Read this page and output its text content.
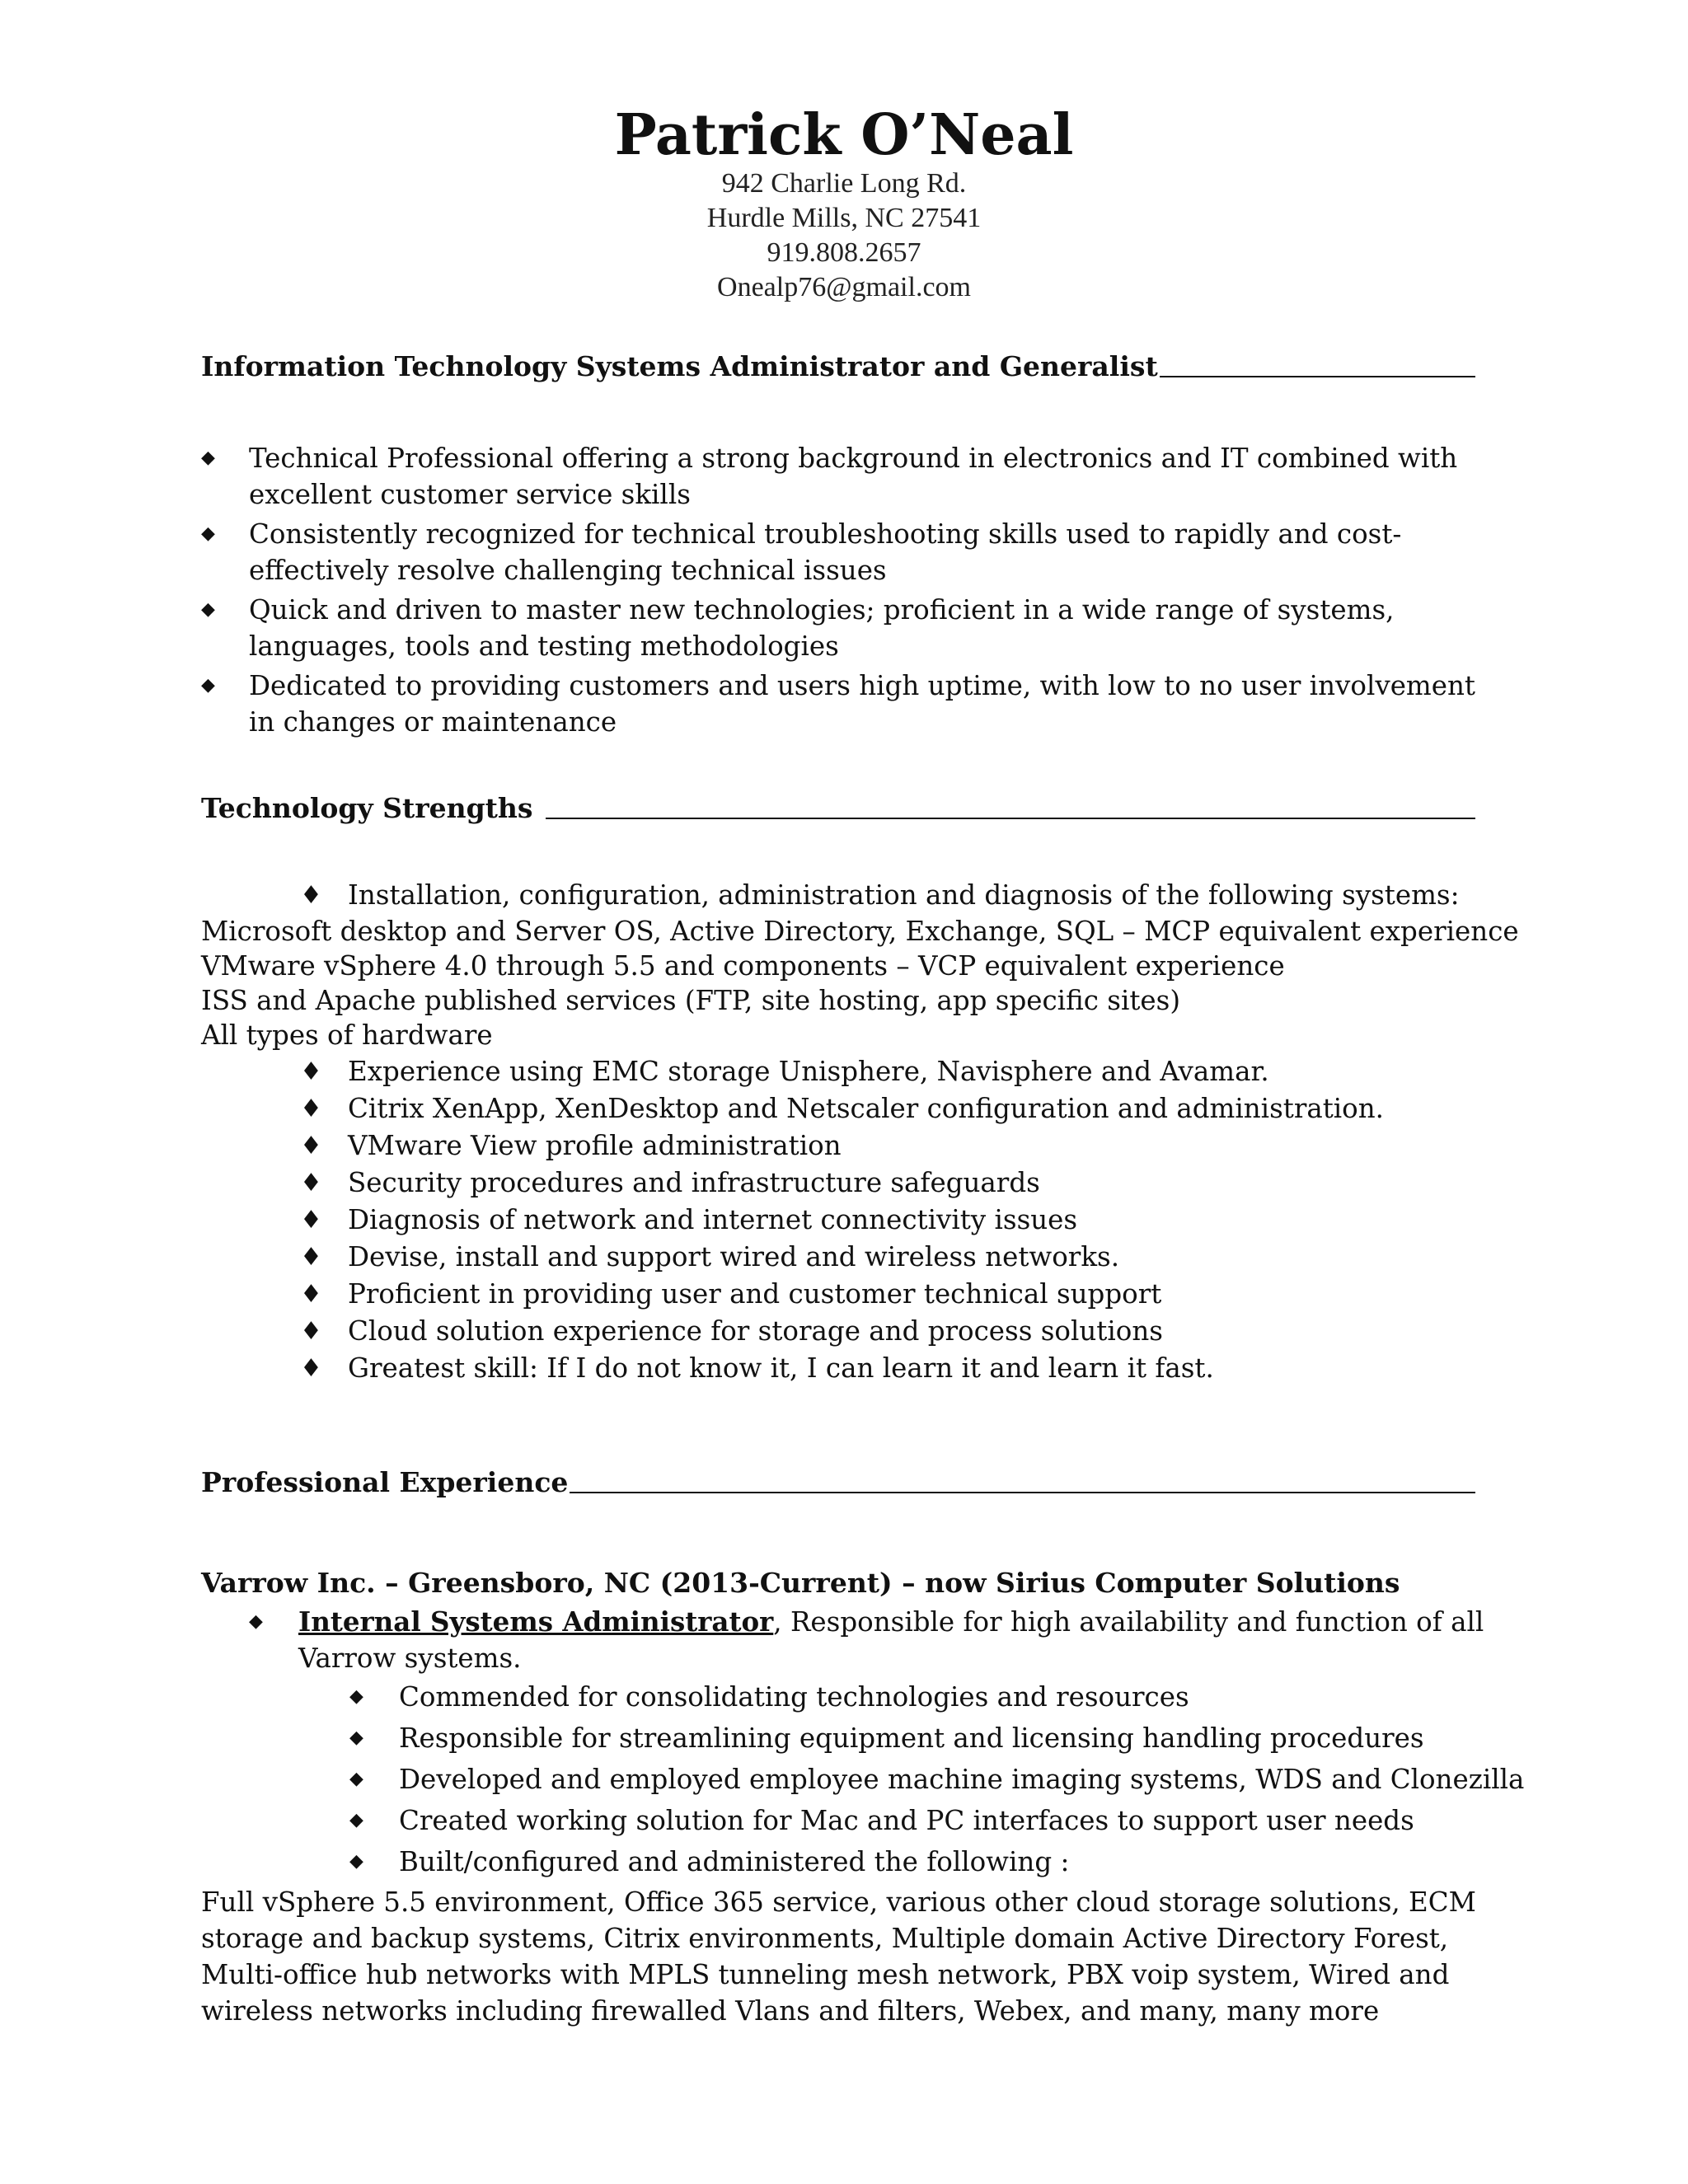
Patrick O’Neal
942 Charlie Long Rd.
Hurdle Mills, NC 27541
919.808.2657
Onealp76@gmail.com
Information Technology Systems Administrator and Generalist
◆	Technical Professional offering a strong background in electronics and IT combined with excellent customer service skills
◆	Consistently recognized for technical troubleshooting skills used to rapidly and cost-effectively resolve challenging technical issues
◆	Quick and driven to master new technologies; proficient in a wide range of systems, languages, tools and testing methodologies
◆	Dedicated to providing customers and users high uptime, with low to no user involvement in changes or maintenance
Technology Strengths
♦ Installation, configuration, administration and diagnosis of the following systems:
Microsoft desktop and Server OS, Active Directory, Exchange, SQL – MCP equivalent experience
VMware vSphere 4.0 through 5.5 and components – VCP equivalent experience
ISS and Apache published services (FTP, site hosting, app specific sites)
All types of hardware
♦ Experience using EMC storage Unisphere, Navisphere and Avamar.
♦ Citrix XenApp, XenDesktop and Netscaler configuration and administration.
♦ VMware View profile administration
♦ Security procedures and infrastructure safeguards
♦ Diagnosis of network and internet connectivity issues
♦ Devise, install and support wired and wireless networks.
♦ Proficient in providing user and customer technical support
♦ Cloud solution experience for storage and process solutions
♦ Greatest skill: If I do not know it, I can learn it and learn it fast.
Professional Experience
Varrow Inc. – Greensboro, NC (2013-Current) – now Sirius Computer Solutions
◆ Internal Systems Administrator, Responsible for high availability and function of all Varrow systems.
◆ Commended for consolidating technologies and resources
◆ Responsible for streamlining equipment and licensing handling procedures
◆ Developed and employed employee machine imaging systems, WDS and Clonezilla
◆ Created working solution for Mac and PC interfaces to support user needs
◆ Built/configured and administered the following :
Full vSphere 5.5 environment, Office 365 service, various other cloud storage solutions, ECM storage and backup systems, Citrix environments, Multiple domain Active Directory Forest, Multi-office hub networks with MPLS tunneling mesh network, PBX voip system, Wired and wireless networks including firewalled Vlans and filters, Webex, and many, many more
